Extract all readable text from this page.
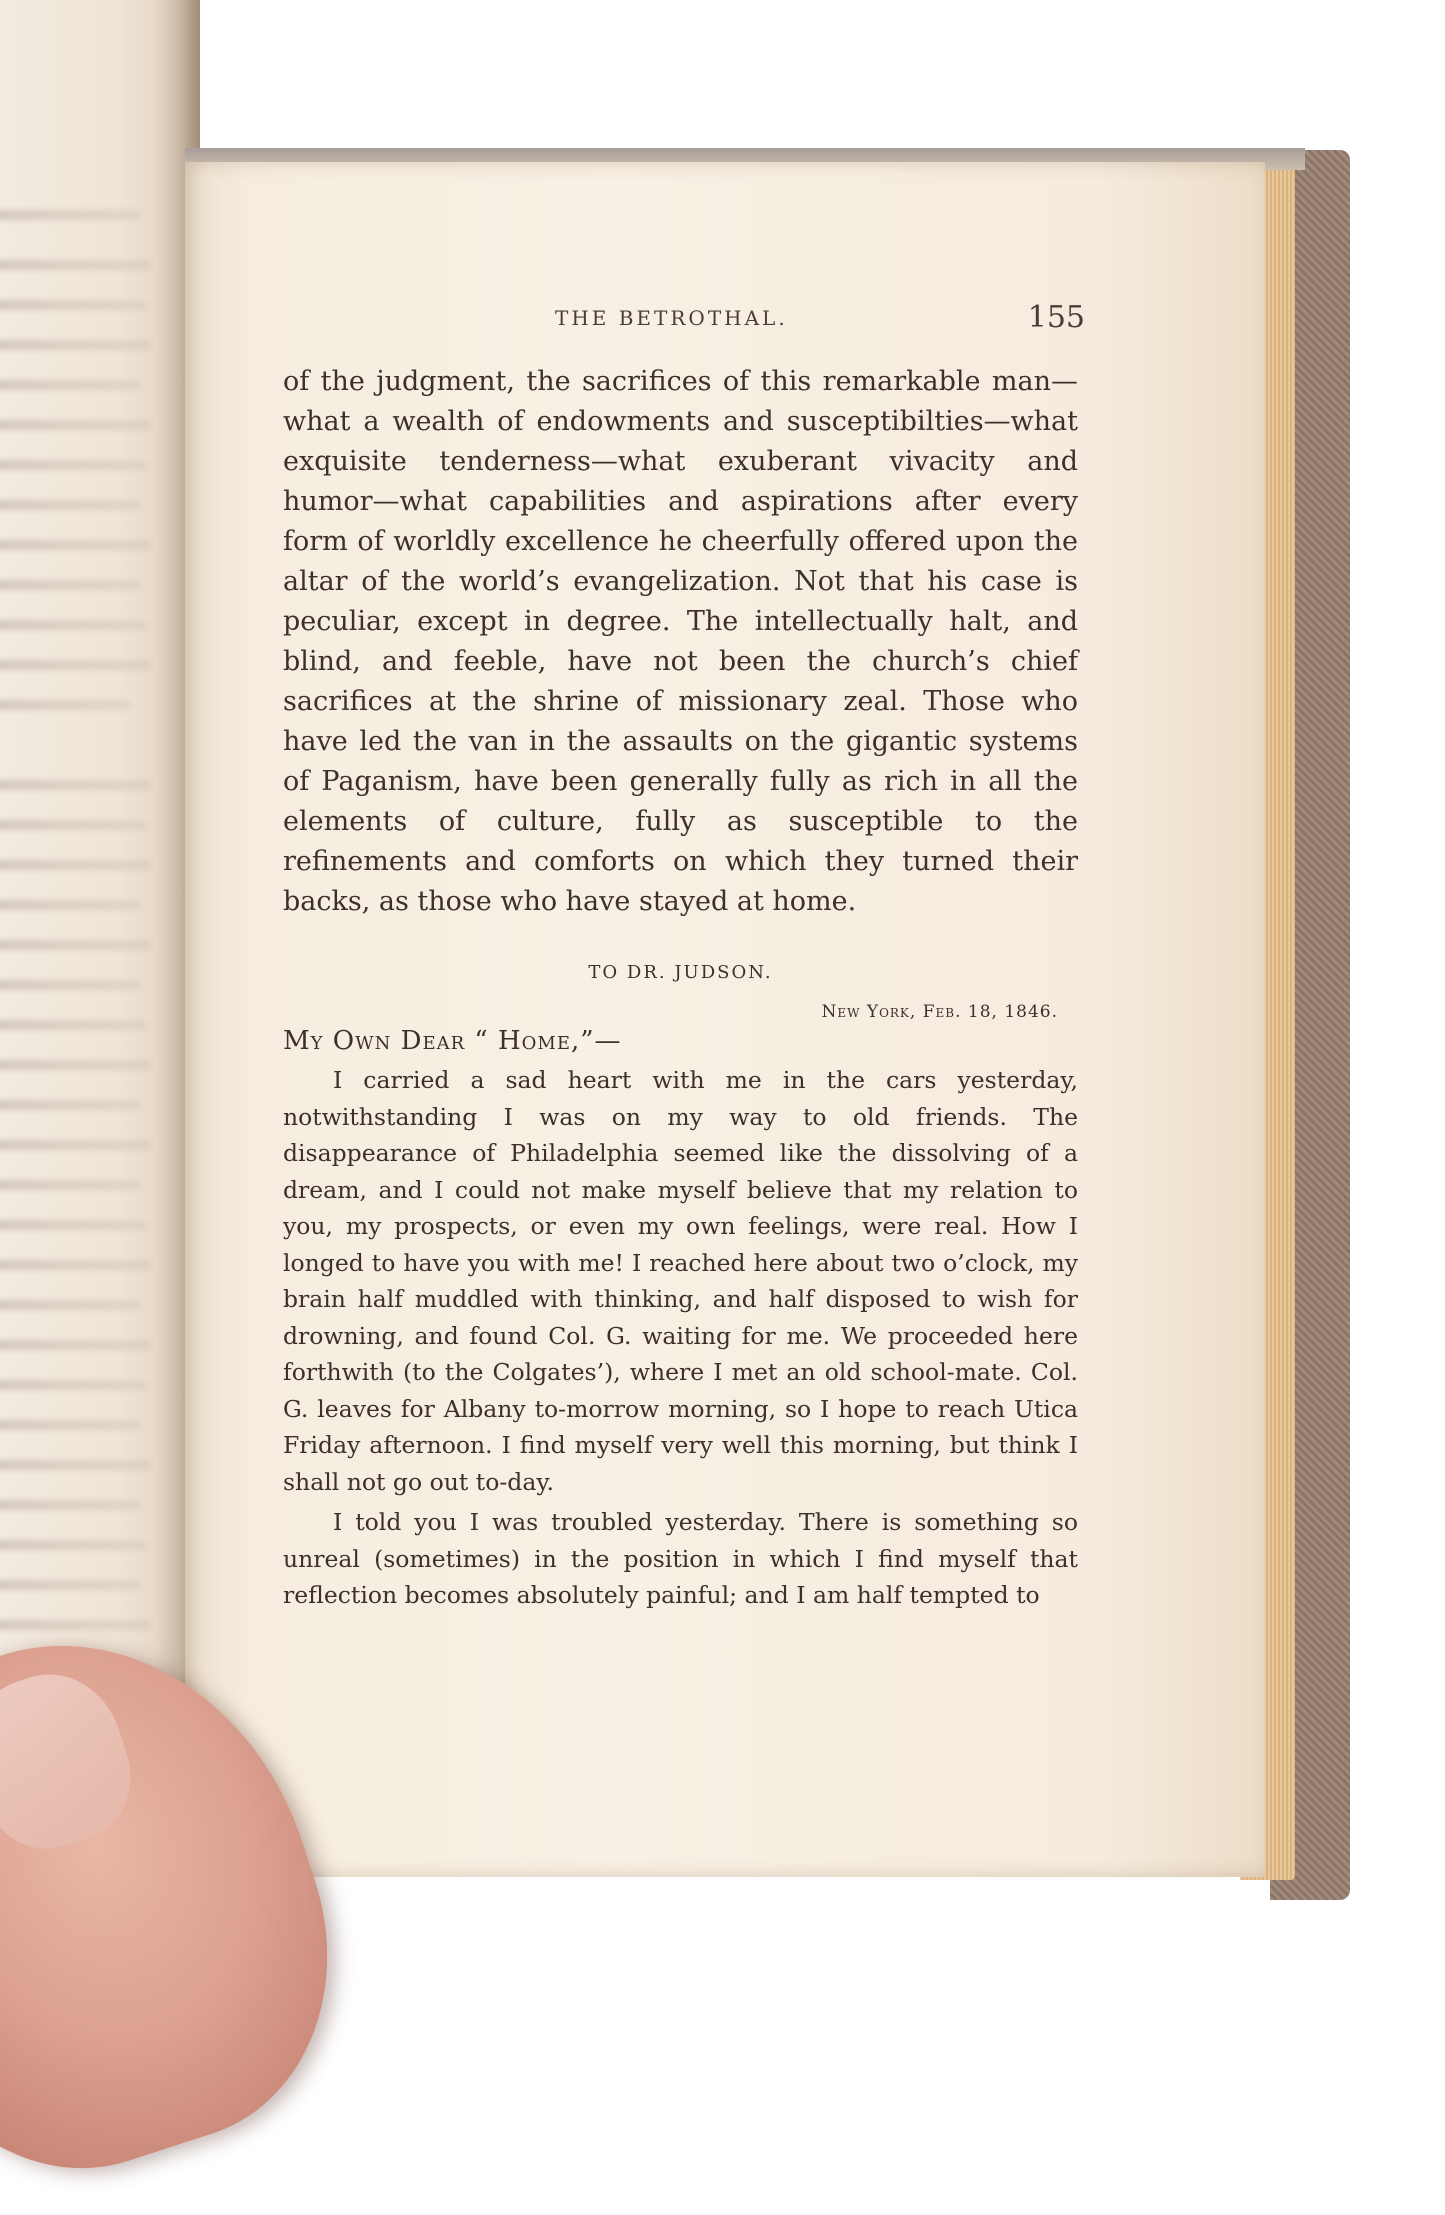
THE BETROTHAL.	155

of the judgment, the sacrifices of this remarkable man—what a wealth of endowments and susceptibilties—what exquisite tenderness—what exuberant vivacity and humor—what capabilities and aspirations after every form of worldly excellence he cheerfully offered upon the altar of the world’s evangelization. Not that his case is peculiar, except in degree. The intellectually halt, and blind, and feeble, have not been the church’s chief sacrifices at the shrine of missionary zeal. Those who have led the van in the assaults on the gigantic systems of Paganism, have been generally fully as rich in all the elements of culture, fully as susceptible to the refinements and comforts on which they turned their backs, as those who have stayed at home.

TO DR. JUDSON.
New York, Feb. 18, 1846.
My Own Dear “ Home,”—

I carried a sad heart with me in the cars yesterday, notwithstanding I was on my way to old friends. The disappearance of Philadelphia seemed like the dissolving of a dream, and I could not make myself believe that my relation to you, my prospects, or even my own feelings, were real. How I longed to have you with me! I reached here about two o’clock, my brain half muddled with thinking, and half disposed to wish for drowning, and found Col. G. waiting for me. We proceeded here forthwith (to the Colgates’), where I met an old school-mate. Col. G. leaves for Albany to-morrow morning, so I hope to reach Utica Friday afternoon. I find myself very well this morning, but think I shall not go out to-day.

I told you I was troubled yesterday. There is something so unreal (sometimes) in the position in which I find myself that reflection becomes absolutely painful; and I am half tempted to
